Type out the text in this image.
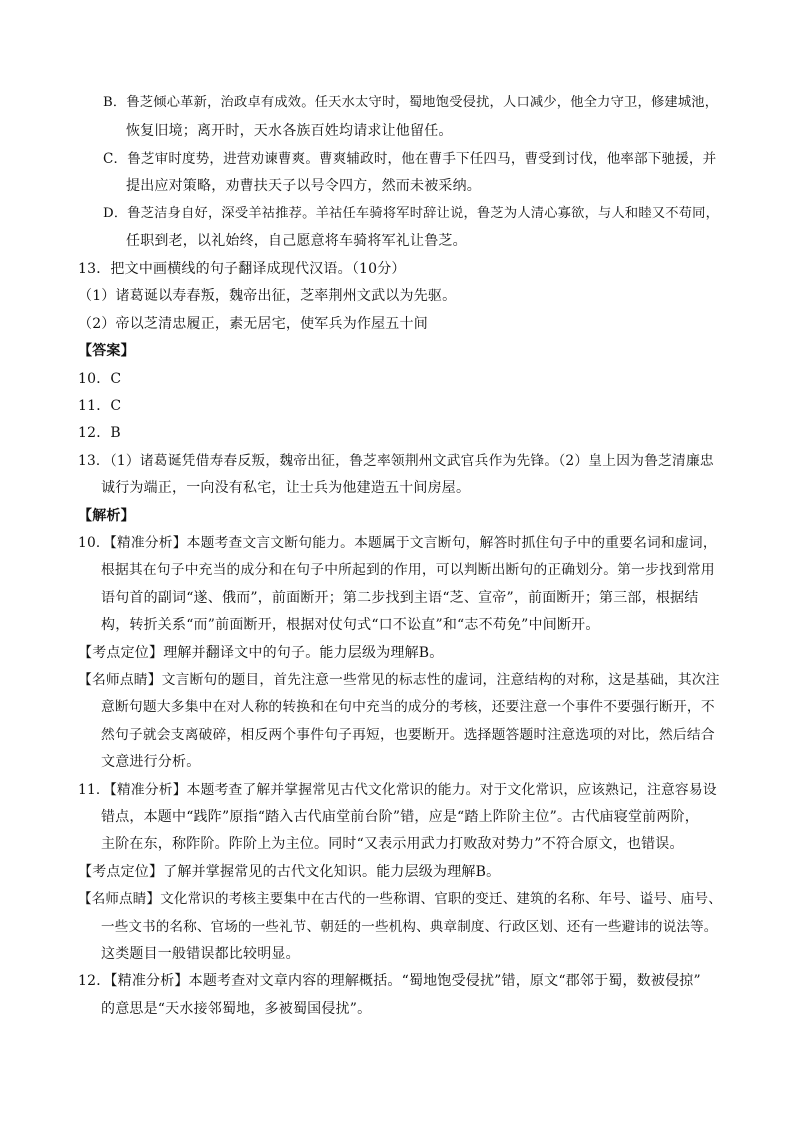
B．鲁芝倾心革新，治政卓有成效。任天水太守时，蜀地饱受侵扰，人口减少，他全力守卫，修建城池，
恢复旧境；离开时，天水各族百姓均请求让他留任。
C．鲁芝审时度势，进营劝谏曹爽。曹爽辅政时，他在曹手下任四马，曹受到讨伐，他率部下驰援，并
提出应对策略，劝曹扶天子以号令四方，然而未被采纳。
D．鲁芝洁身自好，深受羊祜推荐。羊祜任车骑将军时辞让说，鲁芝为人清心寡欲，与人和睦又不苟同，
任职到老，以礼始终，自己愿意将车骑将军礼让鲁芝。
13．把文中画横线的句子翻译成现代汉语。（10分）
（1）诸葛诞以寿春叛，魏帝出征，芝率荆州文武以为先驱。
（2）帝以芝清忠履正，素无居宅，使军兵为作屋五十间
【答案】
10．C
11．C
12．B
13．（1）诸葛诞凭借寿春反叛，魏帝出征，鲁芝率领荆州文武官兵作为先锋。（2）皇上因为鲁芝清廉忠
诚行为端正，一向没有私宅，让士兵为他建造五十间房屋。
【解析】
10．【精准分析】本题考查文言文断句能力。本题属于文言断句，解答时抓住句子中的重要名词和虚词，
根据其在句子中充当的成分和在句子中所起到的作用，可以判断出断句的正确划分。第一步找到常用
语句首的副词“遂、俄而”，前面断开；第二步找到主语“芝、宣帝”，前面断开；第三部，根据结
构，转折关系“而”前面断开，根据对仗句式“口不讼直”和“志不苟免”中间断开。
【考点定位】理解并翻译文中的句子。能力层级为理解B。
【名师点睛】文言断句的题目，首先注意一些常见的标志性的虚词，注意结构的对称，这是基础，其次注
意断句题大多集中在对人称的转换和在句中充当的成分的考核，还要注意一个事件不要强行断开，不
然句子就会支离破碎，相反两个事件句子再短，也要断开。选择题答题时注意选项的对比，然后结合
文意进行分析。
11．【精准分析】本题考查了解并掌握常见古代文化常识的能力。对于文化常识，应该熟记，注意容易设
错点，本题中“践阼”原指“踏入古代庙堂前台阶”错，应是“踏上阼阶主位”。古代庙寝堂前两阶，
主阶在东，称阼阶。阼阶上为主位。同时“又表示用武力打败敌对势力”不符合原文，也错误。
【考点定位】了解并掌握常见的古代文化知识。能力层级为理解B。
【名师点睛】文化常识的考核主要集中在古代的一些称谓、官职的变迁、建筑的名称、年号、谥号、庙号、
一些文书的名称、官场的一些礼节、朝廷的一些机构、典章制度、行政区划、还有一些避讳的说法等。
这类题目一般错误都比较明显。
12．【精准分析】本题考查对文章内容的理解概括。“蜀地饱受侵扰”错，原文“郡邻于蜀，数被侵掠”
的意思是“天水接邻蜀地，多被蜀国侵扰”。
